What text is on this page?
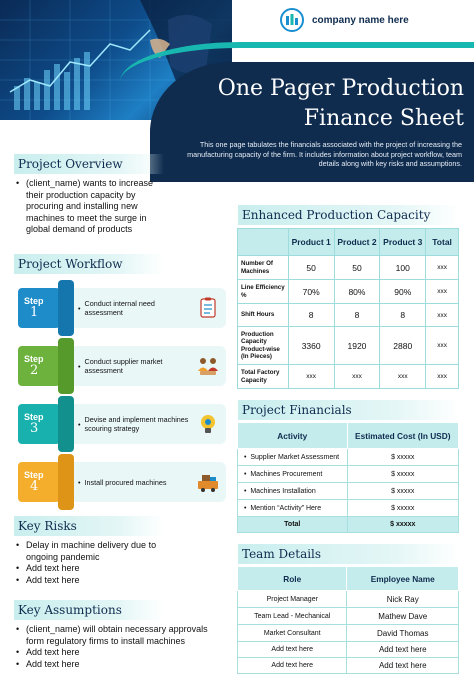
company name here
One Pager Production
Finance Sheet
This one page tabulates the financials associated with the project of increasing the manufacturing capacity of the firm. It includes information about project workflow, team details along with key risks and assumptions.
Project Overview
• (client_name) wants to increase their production capacity by procuring and installing new machines to meet the surge in global demand of products
Project Workflow
Step
1	• Conduct internal need assessment
Step
2	• Conduct supplier market assessment
Step
3	• Devise and implement machines scouring strategy
Step
4	• Install procured machines
Key Risks
• Delay in machine delivery due to ongoing pandemic
• Add text here
• Add text here
Key Assumptions
• (client_name) will obtain necessary approvals form regulatory firms to install machines
• Add text here
• Add text here
Enhanced Production Capacity
	Product 1	Product 2	Product 3	Total
Number Of Machines	50	50	100	xxx
Line Efficiency %	70%	80%	90%	xxx
Shift Hours	8	8	8	xxx
Production Capacity Product-wise (In Pieces)	3360	1920	2880	xxx
Total Factory Capacity	xxx	xxx	xxx	xxx
Project Financials
Activity	Estimated Cost (In USD)
•  Supplier Market Assessment	$ xxxxx
•  Machines Procurement	$ xxxxx
•  Machines Installation	$ xxxxx
•  Mention “Activity” Here	$ xxxxx
Total	$ xxxxx
Team Details
Role	Employee Name
Project Manager	Nick Ray
Team Lead - Mechanical	Mathew Dave
Market Consultant	David Thomas
Add text here	Add text here
Add text here	Add text here
